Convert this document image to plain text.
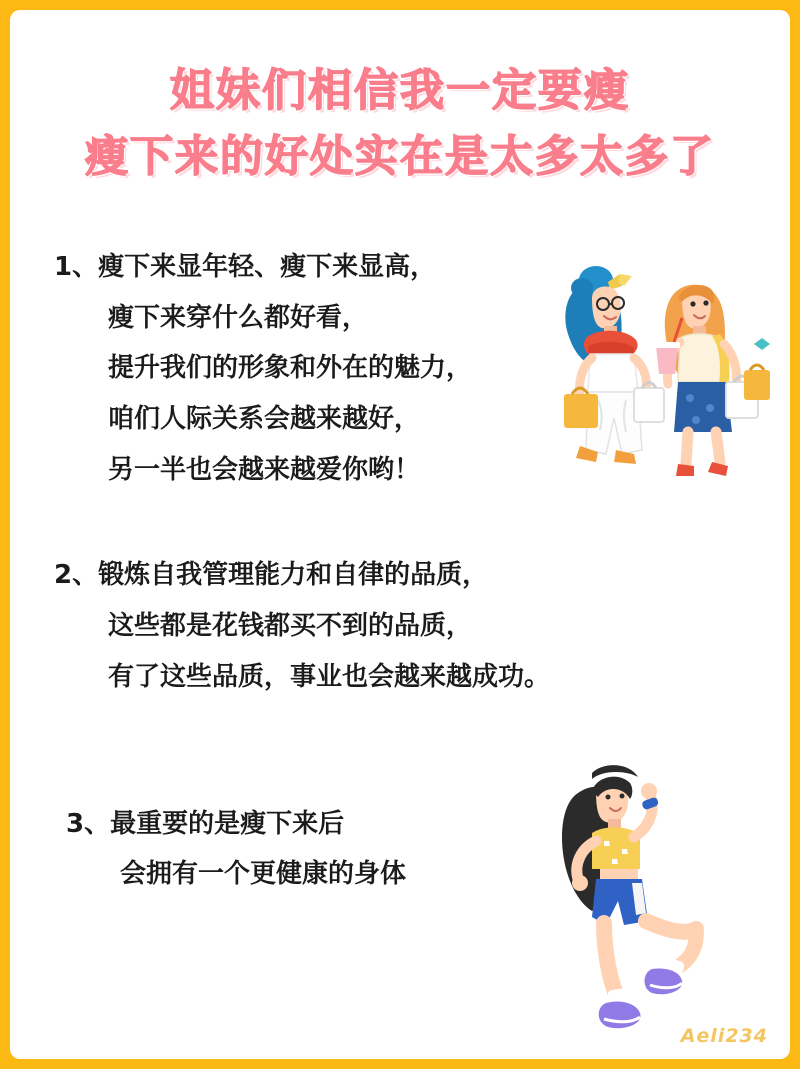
姐妹们相信我一定要瘦
瘦下来的好处实在是太多太多了
1、瘦下来显年轻、瘦下来显高，
瘦下来穿什么都好看，
提升我们的形象和外在的魅力，
咱们人际关系会越来越好，
另一半也会越来越爱你哟！
2、锻炼自我管理能力和自律的品质，
这些都是花钱都买不到的品质，
有了这些品质，事业也会越来越成功。
3、最重要的是瘦下来后
会拥有一个更健康的身体
Aeli234
